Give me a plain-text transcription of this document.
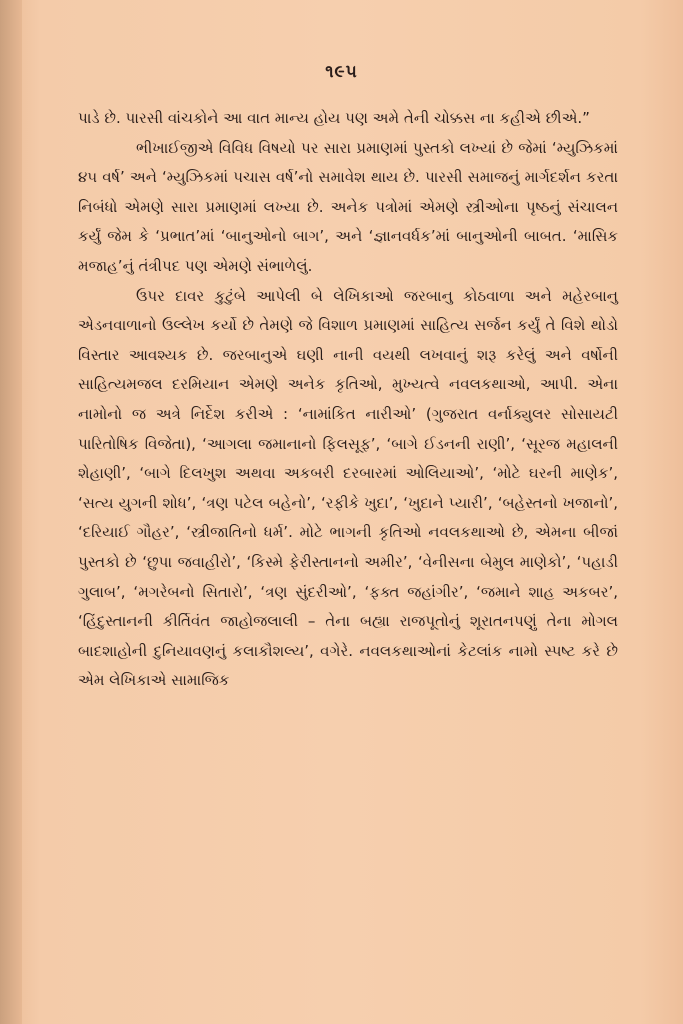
૧૯૫

પાડે છે. પારસી વાંચકોને આ વાત માન્ય હોય પણ અમે તેની ચોક્કસ ના કહીએ છીએ.”

ભીખાઈજીએ વિવિધ વિષયો પર સારા પ્રમાણમાં પુસ્તકો લખ્યાં છે જેમાં ‘મ્યુઝિકમાં ૪૫ વર્ષ’ અને ‘મ્યુઝિકમાં પચાસ વર્ષ’નો સમાવેશ થાય છે. પારસી સમાજનું માર્ગદર્શન કરતા નિબંધો એમણે સારા પ્રમાણમાં લખ્યા છે. અનેક પત્રોમાં એમણે સ્ત્રીઓના પૃષ્ઠનું સંચાલન કર્યું જેમ કે ‘પ્રભાત’માં ‘બાનુઓનો બાગ’, અને ‘જ્ઞાનવર્ધક’માં બાનુઓની બાબત. ‘માસિક મજાહ’નું તંત્રીપદ પણ એમણે સંભાળેલું.

ઉપર દાવર કુટુંબે આપેલી બે લેખિકાઓ જરબાનુ કોઠવાળા અને મહેરબાનુ એડનવાળાનો ઉલ્લેખ કર્યો છે તેમણે જે વિશાળ પ્રમાણમાં સાહિત્ય સર્જન કર્યું તે વિશે થોડો વિસ્તાર આવશ્યક છે. જરબાનુએ ઘણી નાની વયથી લખવાનું શરૂ કરેલું અને વર્ષોની સાહિત્યમજલ દરમિયાન એમણે અનેક કૃતિઓ, મુખ્યત્વે નવલકથાઓ, આપી. એના નામોનો જ અત્રે નિર્દેશ કરીએ : ‘નામાંકિત નારીઓ’ (ગુજરાત વર્નાક્યુલર સોસાયટી પારિતોષિક વિજેતા), ‘આગલા જમાનાનો ફિલસૂફ’, ‘બાગે ઈડનની રાણી’, ‘સૂરજ મહાલની શેહાણી’, ‘બાગે દિલખુશ અથવા અકબરી દરબારમાં ઓલિયાઓ’, ‘મોટે ઘરની માણેક’, ‘સત્ય યુગની શોધ’, ‘ત્રણ પટેલ બહેનો’, ‘રફીકે ખુદા’, ‘ખુદાને પ્યારી’, ‘બહેસ્તનો ખજાનો’, ‘દરિયાઈ ગૌહર’, ‘સ્ત્રીજાતિનો ધર્મ’. મોટે ભાગની કૃતિઓ નવલકથાઓ છે, એમના બીજાં પુસ્તકો છે ‘છુપા જવાહીરો’, ‘કિસ્મે ફેરીસ્તાનનો અમીર’, ‘વેનીસના બેમુલ માણેકો’, ‘પહાડી ગુલાબ’, ‘મગરેબનો સિતારો’, ‘ત્રણ સુંદરીઓ’, ‘ફક્ત જહાંગીર’, ‘જમાને શાહ અકબર’, ‘હિંદુસ્તાનની કીર્તિવંત જાહોજલાલી – તેના બહ્યા રાજપૂતોનું શૂરાતનપણું તેના મોગલ બાદશાહોની દુનિયાવણનું કલાકૌશલ્ય’, વગેરે. નવલકથાઓનાં કેટલાંક નામો સ્પષ્ટ કરે છે એમ લેખિકાએ સામાજિક
